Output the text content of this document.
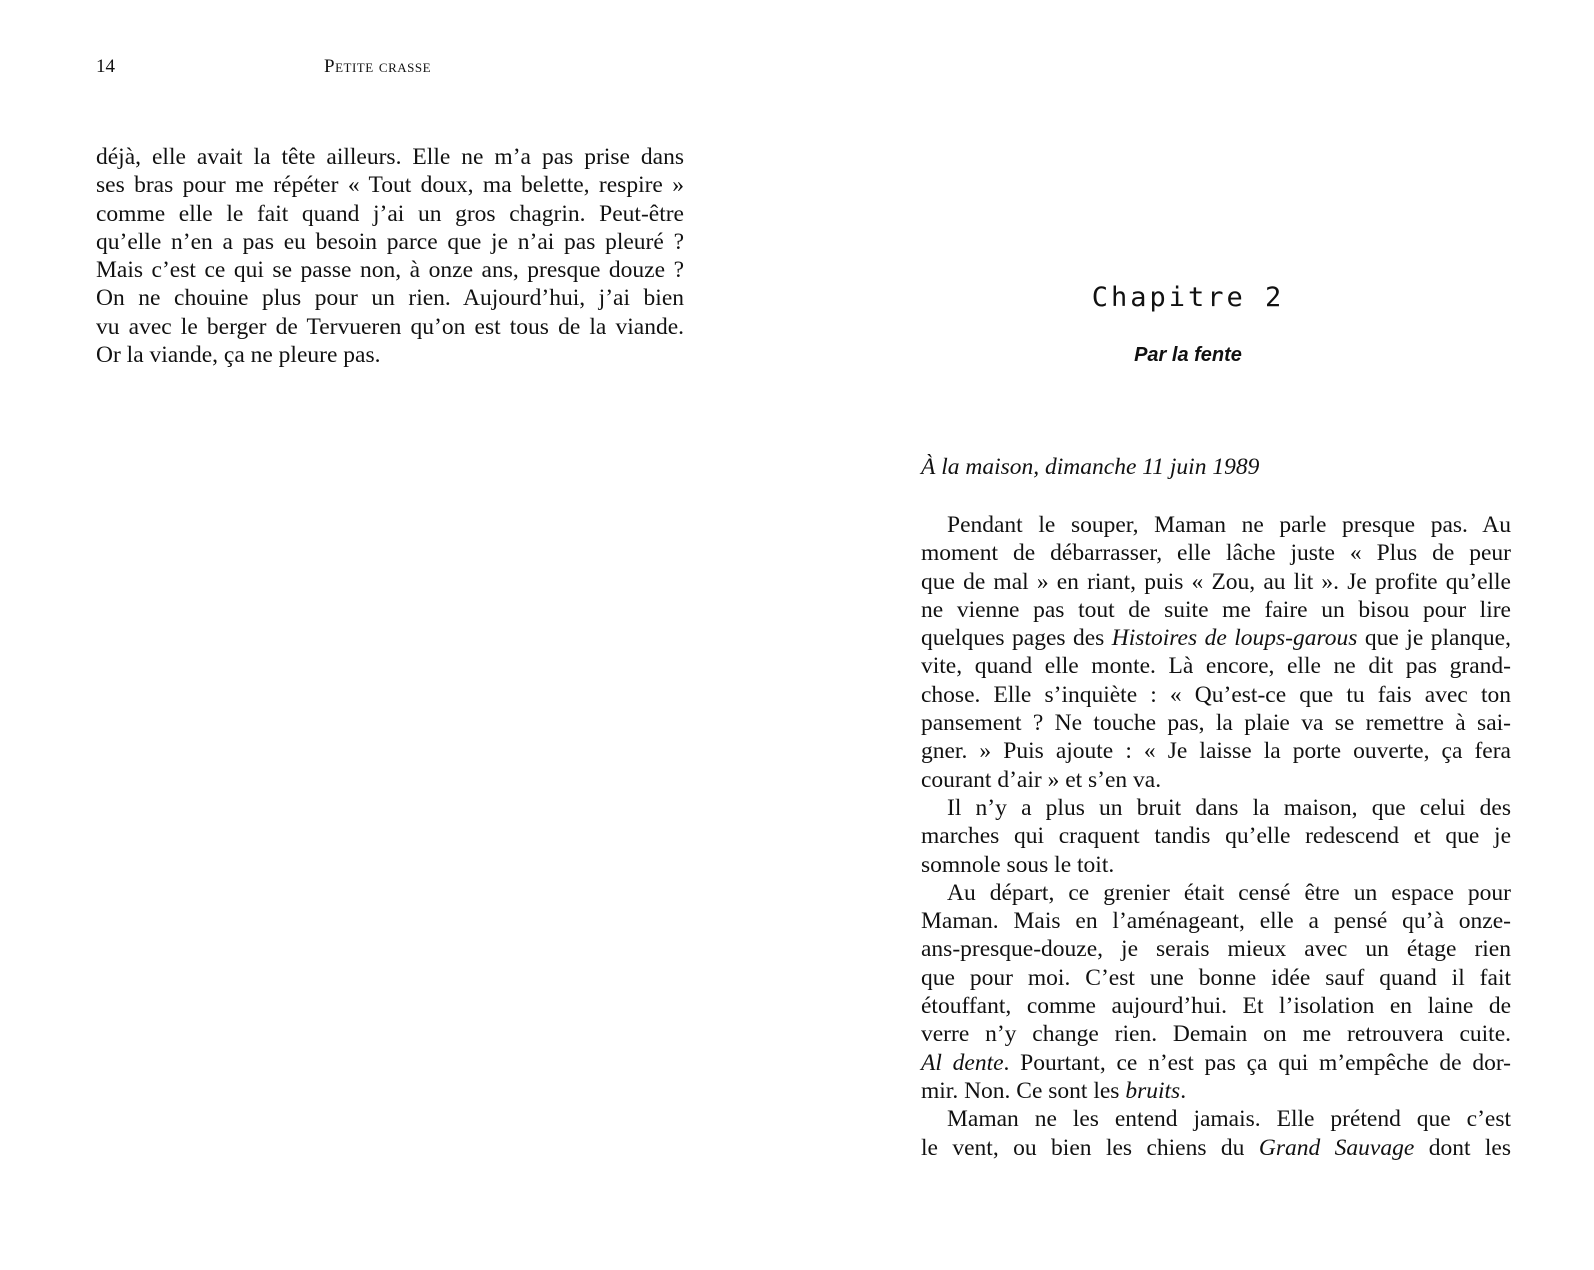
14	Petite crasse
déjà, elle avait la tête ailleurs. Elle ne m’a pas prise dans
ses bras pour me répéter « Tout doux, ma belette, respire »
comme elle le fait quand j’ai un gros chagrin. Peut-être
qu’elle n’en a pas eu besoin parce que je n’ai pas pleuré ?
Mais c’est ce qui se passe non, à onze ans, presque douze ?
On ne chouine plus pour un rien. Aujourd’hui, j’ai bien
vu avec le berger de Tervueren qu’on est tous de la viande.
Or la viande, ça ne pleure pas.
Chapitre 2
Par la fente
À la maison, dimanche 11 juin 1989
Pendant le souper, Maman ne parle presque pas. Au
moment de débarrasser, elle lâche juste « Plus de peur
que de mal » en riant, puis « Zou, au lit ». Je profite qu’elle
ne vienne pas tout de suite me faire un bisou pour lire
quelques pages des Histoires de loups-garous que je planque,
vite, quand elle monte. Là encore, elle ne dit pas grand-
chose. Elle s’inquiète : « Qu’est-ce que tu fais avec ton
pansement ? Ne touche pas, la plaie va se remettre à sai-
gner. » Puis ajoute : « Je laisse la porte ouverte, ça fera
courant d’air » et s’en va.
Il n’y a plus un bruit dans la maison, que celui des
marches qui craquent tandis qu’elle redescend et que je
somnole sous le toit.
Au départ, ce grenier était censé être un espace pour
Maman. Mais en l’aménageant, elle a pensé qu’à onze-
ans-presque-douze, je serais mieux avec un étage rien
que pour moi. C’est une bonne idée sauf quand il fait
étouffant, comme aujourd’hui. Et l’isolation en laine de
verre n’y change rien. Demain on me retrouvera cuite.
Al dente. Pourtant, ce n’est pas ça qui m’empêche de dor-
mir. Non. Ce sont les bruits.
Maman ne les entend jamais. Elle prétend que c’est
le vent, ou bien les chiens du Grand Sauvage dont les
